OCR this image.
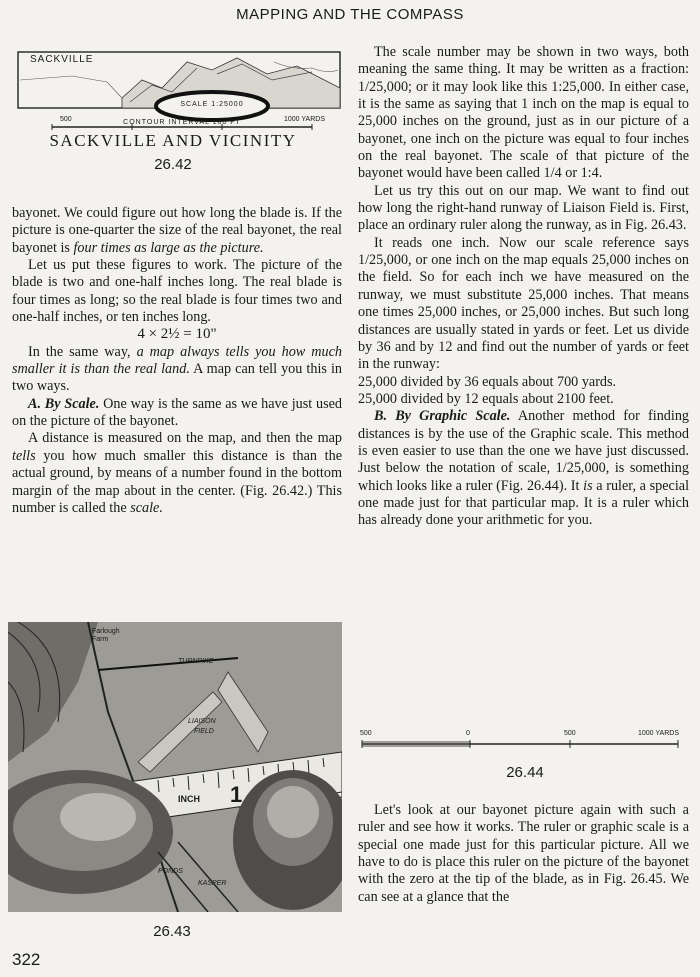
MAPPING AND THE COMPASS
SACKVILLE
SCALE 1:25000
500	1000 YARDS
CONTOUR INTERVAL 100 FT
SACKVILLE AND VICINITY
26.42

bayonet. We could figure out how long the blade is. If the picture is one-quarter the size of the real bayonet, the real bayonet is four times as large as the picture.

Let us put these figures to work. The picture of the blade is two and one-half inches long. The real blade is four times as long; so the real blade is four times two and one-half inches, or ten inches long.

4 × 2½ = 10"

In the same way, a map always tells you how much smaller it is than the real land. A map can tell you this in two ways.

A. By Scale. One way is the same as we have just used on the picture of the bayonet.

A distance is measured on the map, and then the map tells you how much smaller this distance is than the actual ground, by means of a number found in the bottom margin of the map about in the center. (Fig. 26.42.) This number is called the scale.

Farlough Farm
TURNPIKE
LIAISON
FIELD
INCH 1
PONDS
KASPER
26.43
322

The scale number may be shown in two ways, both meaning the same thing. It may be written as a fraction: 1/25,000; or it may look like this 1:25,000. In either case, it is the same as saying that 1 inch on the map is equal to 25,000 inches on the ground, just as in our picture of a bayonet, one inch on the picture was equal to four inches on the real bayonet. The scale of that picture of the bayonet would have been called 1/4 or 1:4.

Let us try this out on our map. We want to find out how long the right-hand runway of Liaison Field is. First, place an ordinary ruler along the runway, as in Fig. 26.43.

It reads one inch. Now our scale reference says 1/25,000, or one inch on the map equals 25,000 inches on the field. So for each inch we have measured on the runway, we must substitute 25,000 inches. That means one times 25,000 inches, or 25,000 inches. But such long distances are usually stated in yards or feet. Let us divide by 36 and by 12 and find out the number of yards or feet in the runway:

25,000 divided by 36 equals about 700 yards.

25,000 divided by 12 equals about 2100 feet.

B. By Graphic Scale. Another method for finding distances is by the use of the Graphic scale. This method is even easier to use than the one we have just discussed. Just below the notation of scale, 1/25,000, is something which looks like a ruler (Fig. 26.44). It is a ruler, a special one made just for that particular map. It is a ruler which has already done your arithmetic for you.

500	0	500	1000 YARDS
26.44

Let's look at our bayonet picture again with such a ruler and see how it works. The ruler or graphic scale is a special one made just for this particular picture. All we have to do is place this ruler on the picture of the bayonet with the zero at the tip of the blade, as in Fig. 26.45. We can see at a glance that the
